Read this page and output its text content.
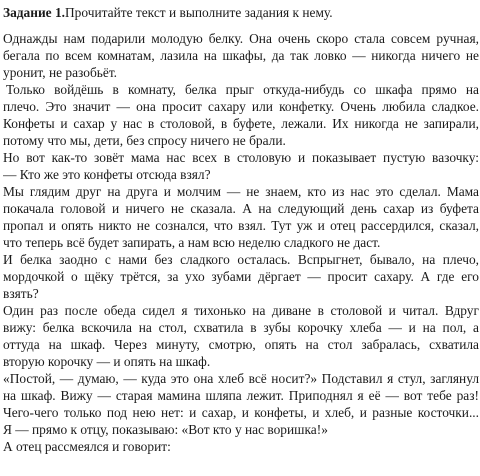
Задание 1.Прочитайте текст и выполните задания к нему.
Однажды нам подарили молодую белку. Она очень скоро стала совсем ручная,
бегала по всем комнатам, лазила на шкафы, да так ловко — никогда ничего не
уронит, не разобьёт.
Только войдёшь в комнату, белка прыг откуда-нибудь со шкафа прямо на
плечо. Это значит — она просит сахару или конфетку. Очень любила сладкое.
Конфеты и сахар у нас в столовой, в буфете, лежали. Их никогда не запирали,
потому что мы, дети, без спросу ничего не брали.
Но вот как-то зовёт мама нас всех в столовую и показывает пустую вазочку:
— Кто же это конфеты отсюда взял?
Мы глядим друг на друга и молчим — не знаем, кто из нас это сделал. Мама
покачала головой и ничего не сказала. А на следующий день сахар из буфета
пропал и опять никто не сознался, что взял. Тут уж и отец рассердился, сказал,
что теперь всё будет запирать, а нам всю неделю сладкого не даст.
И белка заодно с нами без сладкого осталась. Вспрыгнет, бывало, на плечо,
мордочкой о щёку трётся, за ухо зубами дёргает — просит сахару. А где его
взять?
Один раз после обеда сидел я тихонько на диване в столовой и читал. Вдруг
вижу: белка вскочила на стол, схватила в зубы корочку хлеба — и на пол, а
оттуда на шкаф. Через минуту, смотрю, опять на стол забралась, схватила
вторую корочку — и опять на шкаф.
«Постой, — думаю, — куда это она хлеб всё носит?» Подставил я стул, заглянул
на шкаф. Вижу — старая мамина шляпа лежит. Приподнял я её — вот тебе раз!
Чего-чего только под нею нет: и сахар, и конфеты, и хлеб, и разные косточки...
Я — прямо к отцу, показываю: «Вот кто у нас воришка!»
А отец рассмеялся и говорит:
